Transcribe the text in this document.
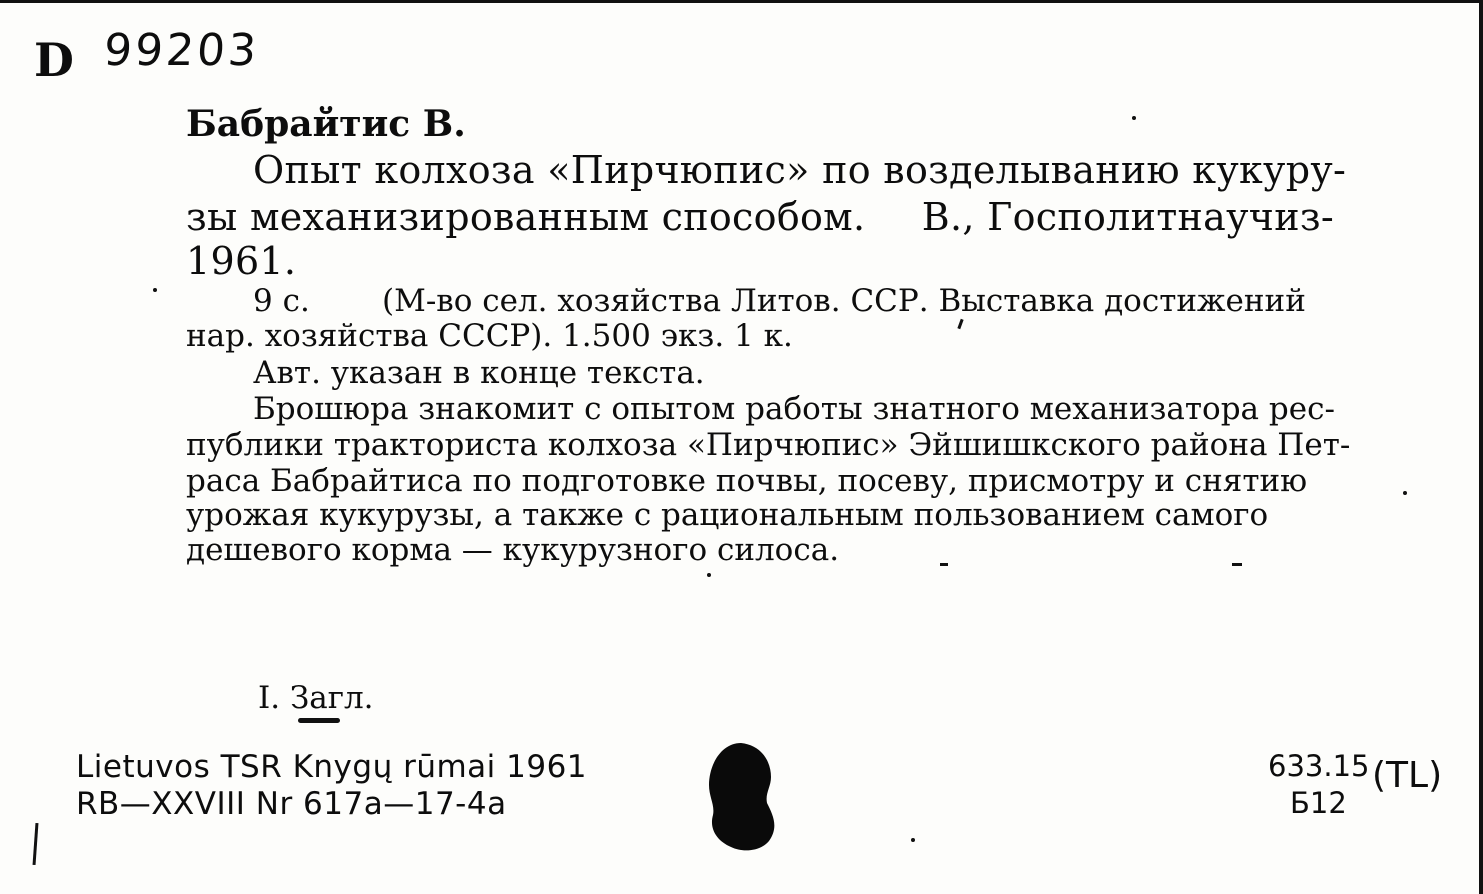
D 99203
Бабрайтис В.
Опыт колхоза «Пирчюпис» по возделыванию кукуру-
зы механизированным способом. В., Госполитнаучиз-
1961.
9 с. (М-во сел. хозяйства Литов. ССР. Выставка достижений
нар. хозяйства СССР). 1.500 экз. 1 к.
Авт. указан в конце текста.
Брошюра знакомит с опытом работы знатного механизатора рес-
публики тракториста колхоза «Пирчюпис» Эйшишкского района Пет-
раса Бабрайтиса по подготовке почвы, посеву, присмотру и снятию
урожая кукурузы, а также с рациональным пользованием самого
дешевого корма — кукурузного силоса.
I. Загл.
Lietuvos TSR Knygų rūmai 1961
RB—XXVIII Nr 617a—17-4a
633.15
Б12
(TL)
